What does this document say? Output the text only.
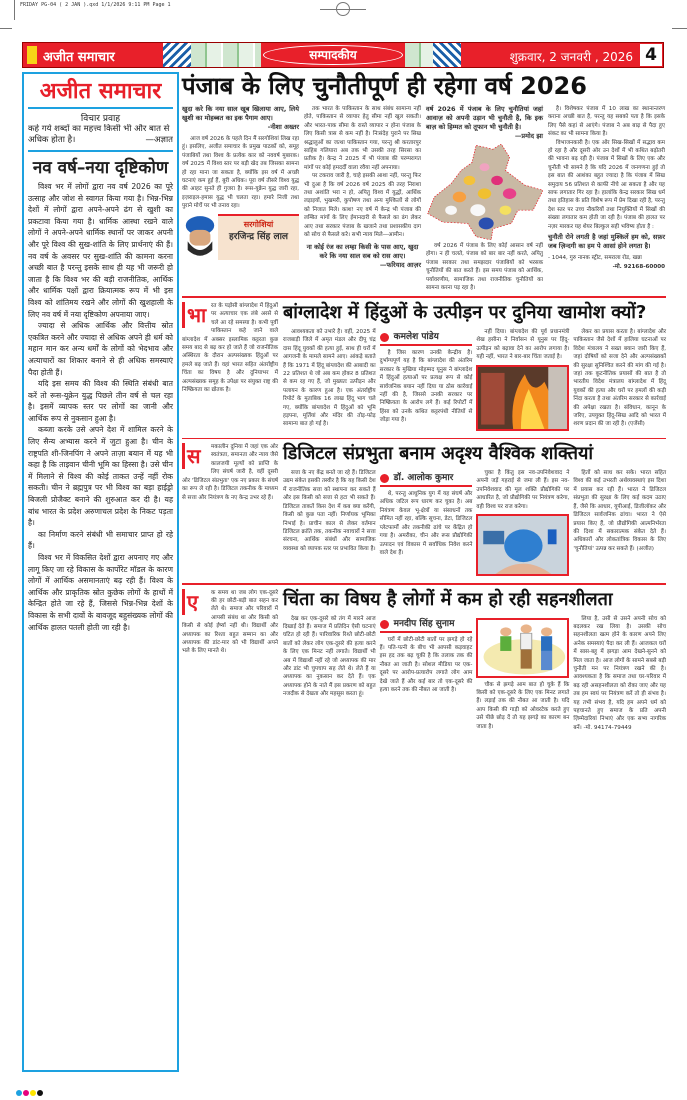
FRIDAY PG-04 ( 2 JAN ).qxd 1/1/2026 9:11 PM Page 1
अजीत समाचार	सम्पादकीय	शुक्रवार, 2 जनवरी , 2026 4
अजीत समाचार
विचार प्रवाह
कहे गये शब्दों का महत्त्व किसी भी और बात से अधिक होता है।	—अज्ञात
नव वर्ष–नया दृष्टिकोण

विश्व भर में लोगों द्वारा नव वर्ष 2026 का पूरे उत्साह और जोश से स्वागत किया गया है। भिन्न-भिन्न देशों में लोगों द्वारा अपने-अपने ढंग से खुशी का प्रकटावा किया गया है। धार्मिक आस्था रखने वाले लोगों ने अपने-अपने धार्मिक स्थानों पर जाकर अपनी और पूरे विश्व की सुख-शांति के लिए प्रार्थनाएं की हैं। नव वर्ष के अवसर पर सुख-शांति की कामना करना अच्छी बात है परन्तु इसके साथ ही यह भी जरूरी हो जाता है कि विश्व भर की बड़ी राजनीतिक, आर्थिक और धार्मिक पक्षों द्वारा क्रियात्मक रूप में भी इस विश्व को शांतिमय रखने और लोगों की खुशहाली के लिए नव वर्ष में नया दृष्टिकोण अपनाया जाए।

ज्यादा से अधिक आर्थिक और वित्तीय स्रोत एकत्रित करने और ज्यादा से अधिक अपने ही धर्म को महान मान कर अन्य धर्मों के लोगों को भेदभाव और अत्याचारों का शिकार बनाने से ही अधिक समस्याएं पैदा होती हैं।

यदि इस समय की विश्व की स्थिति संबंधी बात करें तो रूस-यूक्रेन युद्ध पिछले तीन वर्ष से चल रहा है। इसमें व्यापक स्तर पर लोगों का जानी और आर्थिक रूप से नुकसान हुआ है।

कब्जा करके उसे अपने देश में शामिल करने के लिए सैन्य अभ्यास करने में जुटा हुआ है। चीन के राष्ट्रपति शी-जिनपिंग ने अपने ताज़ा बयान में यह भी कहा है कि ताइवान चीनी भूमि का हिस्सा है। उसे चीन में मिलाने से विश्व की कोई ताकत उन्हें नहीं रोक सकती। चीन ने ब्रह्मपुत्र पर भी विश्व का बड़ा हाईड्रो बिजली प्रोजैक्ट बनाने की शुरुआत कर दी है। यह बांध भारत के प्रदेश अरुणाचल प्रदेश के निकट पड़ता है।

का निर्माण करने संबंधी भी समाचार प्राप्त हो रहे हैं।

विश्व भर में विकसित देशों द्वारा अपनाए गए और लागू किए जा रहे विकास के कार्पोरेट मॉडल के कारण लोगों में आर्थिक असमानताएं बढ़ रही हैं। विश्व के आर्थिक और प्राकृतिक स्रोत कुछेक लोगों के हाथों में केन्द्रित होते जा रहे हैं, जिससे भिन्न-भिन्न देशों के विकास के सभी दावों के बावजूद बहुसंख्यक लोगों की आर्थिक हालत पतली होती जा रही है।

पंजाब के लिए चुनौतीपूर्ण ही रहेगा वर्ष 2026
खुदा करे कि नया साल खूब खिलाया आए, लिये खुशी का मोहब्बत का इक पैगाम आए।
-नीशा अख्तर

आज वर्ष 2026 के पहले दिन मैं सरगोशियां लिख रहा हूं। इसलिए, अजीत समाचार के प्रमुख पाठकों को, समूह पंजाबियों तथा विश्व के प्रत्येक कार को नववर्ष मुबारक। वर्ष 2025 में विश्व स्तर पर बड़ी खेद तब जिसका सामना हो रहा माना जा सकता है, क्योंकि इस वर्ष में अच्छी घटनाएं कम हुई हैं, बुरी अधिक। पूरा वर्ष तीसरे विश्व युद्ध की आहट सुनते ही गुजरा है। रूस-यूक्रेन युद्ध जारी रहा, इज़राइल-हमास युद्ध भी चलता रहा। हमारे निजी तथा पुराने मोर्चे पर भी तनाव रहा।

सरगोशियां
हरजिन्द्र सिंह लाल

तक भारत के पाकिस्तान के साथ संबंध सामान्य नहीं होते, पाकिस्तान से व्यापार हेतु सीमा नहीं खुल सकती। और भारत-पाक सीमा के रास्ते व्यापार न होना पंजाब के लिए किसी त्रास से कम नहीं है। निःसंदेह पुराने पर सिख श्रद्धालुओं का जत्था पाकिस्तान गया, परन्तु श्री करतारपुर साहिब गलियारा अब तक भी उसकी तरह सिरसा का प्रतीक है। केन्द्र ने 2025 में भी पंजाब की परम्परागत मांगों पर कोई हमदर्दी वाला रवैया नहीं अपनाया।

पर टकराव जारी है, चाहे इसकी आशा नहीं, परन्तु फिर भी दुआ है कि वर्ष 2026 वर्ष 2025 की तरह निराशा तथा अशांति भरा न हो, अपितु विश्व में युद्धों, आर्थिक लड़ाइयों, भुखमरी, कुपोषण तथा अन्य मुश्किलों से लोगों को निजात मिले। काश! नए वर्ष में केन्द्र भी पंजाब की लम्बित मांगों के लिए ईमानदारी से फैसले का ढंग लेकर आए तथा सरकार पंजाब के खजाने तथा प्रशासकीय दाग को सोच से फैसले करे। सभी न्याय मिले—आमीन।

ना कोई रंज का लम्हा किसी के पास आए, खुदा करे कि नया साल सब को रास आए।
—फरियाद आज़र
वर्ष 2026 में पंजाब के लिए चुनौतियां जहां आवाज़ को अपनी उड़ान भी चुनौती है, कि इक बाज़ को हिम्मत को तूफान भी चुनौती है।
—प्रमोद झा

वर्ष 2026 में पंजाब के लिए कोई आसान वर्ष नहीं होगा। न ही चलते, पंजाब को बार बार नहीं करते, अपितु पंजाब सरकार तथा समझदार पंजाबियों को भरसक चुनौतियों की बात करते हैं। इस समय पंजाब को आर्थिक, पर्यावरणीय, सामाजिक तथा राजनीतिक चुनौतियों का सामना करना पड़ रहा है।

है। विशेषकर पंजाब में 10 लाख का स्थानान्तरण कराना अच्छी बात है, परन्तु यह सबको पता है कि इसके लिए पैसे कहां से आएंगे। पंजाब ने अब बाढ़ से पैदा हुए संकट का भी सामना किया है।

विभाजनकारी है। एक ओर सिख-सिखों में सद्भाव कम हो रहा है और दूसरी ओर उन देशों में भी कथित बढ़ोतरी की भावना बढ़ रही है। पंजाब में सिखों के लिए एक और चुनौती भी सामने है कि यदि 2026 में जनगणना हुई तो इस बात की आशंका बहुत ज्यादा है कि पंजाब में सिख समुदाय 56 प्रतिशत से काफी नीचे आ सकता है और यह साफ लगातार गिर रहा है। हालांकि केन्द्र सरकार सिख धर्म तथा इतिहास के प्रति विशेष रूप में प्रेम दिखा रही है, परन्तु देश स्तर पर उच्च नौकरियों तथा नियुक्तियों में सिखों की संख्या लगातार कम होती जा रही है। पंजाब की हालत पर नज़र मारकर यह शेयर बिल्कुल सही भविष्य होता है :

चुनौती रोने लगती है जहां मुश्किलें हम को, सफ़र जब ज़िन्दगी का हम पे आसां होने लगता है।
- 1044, गुरु नानक स्ट्रीट, समराला रोड, खन्ना
-मो. 92168-60000
भा रत के पड़ोसी बांग्लादेश में हिंदुओं पर अत्याचार एक लंबे अरसे से चले आ रहे समस्या है। कभी पूर्वी पाकिस्तान कहे जाने वाले बांग्लादेश में अक्सर इस्लामिक कट्टरता कुछ समय बाद से बढ़ कर हो जाते हैं जो राजनीतिक अस्थिरता के दौरान अल्पसंख्यक हिंदुओं पर हमले बढ़ जाते हैं। वहां भारत सहित अंतर्राष्ट्रीय चिंता का विषय है और दुनियाभर में अल्पसंख्यक समूह के उपेक्षा पर संयुक्त राष्ट्र की निष्क्रियता का द्योतक है।

बांग्लादेश में हिंदुओं के उत्पीड़न पर दुनिया खामोश क्यों?

आवश्यकता को उभारे है। वहीं, 2025 में राजबाड़ी जिले में अमृत मंडल और दीपू चंद्र दास हिंदू युवकों की हत्या हुई, साथ ही घरों में आगजनी के मामले सामने आए। आंकड़े बताते हैं कि 1971 में हिंदू बांग्लादेश की आबादी का 22 प्रतिशत थे जो अब कम होकर 8 प्रतिशत से कम रह गए हैं, जो मुख्यतः उत्पीड़न और पलायन के कारण हुआ है। एक अंतर्राष्ट्रीय रिपोर्ट के मुताबिक 16 लाख हिंदू भाग चले गए, क्योंकि बांग्लादेश में हिंदुओं को भूमि हड़पना, मूर्तियां और मंदिर की तोड़-फोड़ सामान्य बात हो गई है।

कमलेश पांडेय

है जिस कारण उनकी केन्द्रीय है। दुर्भाग्यपूर्ण यह है कि बांग्लादेश की अंतरिम सरकार के मुखिया मोहम्मद यूनुस ने बांग्लादेश में हिंदुओं हत्याओं पर प्रत्यक्ष रूप से कोई सार्वजनिक बयान नहीं दिया या ठोस कार्रवाई नहीं की है, जिससे उनकी सरकार पर निष्क्रियता के आरोप लगे हैं। कई रिपोर्टों में हिंसा को उनके कथित कट्टरपंथी नीतियों से जोड़ा गया है।

नहीं दिया। बांग्लादेश की पूर्व प्रधानमंत्री शेख हसीना ने निर्वासन से यूनुस पर हिंदू-उत्पीड़न को बढ़ावा देने का आरोप लगाया है। यही नहीं, भारत ने बार-बार चिंता जताई है।

लेकर का प्रयास करता है। बांग्लादेश और पाकिस्तान जैसे देशों में हालिया घटनाओं पर विदेश मंत्रालय ने सख्त बयान जारी किए हैं, जहां दोषियों को सजा देने और अल्पसंख्यकों की सुरक्षा सुनिश्चित करने की मांग की गई है। जहां तक कूटनीतिक प्रयासों की बात है तो भारतीय विदेश मंत्रालय बांग्लादेश में हिंदू युवकों की हत्या और घरों पर हमलों की कड़ी निंदा करता है तथा अंतरिम सरकार से कार्रवाई की अपेक्षा रखता है। संविधान, कानून के जरिए, उपयुक्त हिंदू-सिख आदि को भारत में शरण प्रदान की जा रही है। (एजेंसी)

स	मकालीन दुनिया में जहां एक ओर स्वतंत्रता, समानता और न्याय जैसे कालजयी मूल्यों को प्राप्ति के लिए संघर्ष जारी है, वहीं दूसरी ओर 'डिजिटल संप्रभुता' एक नए प्रकार के संघर्ष का रूप ले रही है। डिजिटल तकनीक के माध्यम से सत्ता और नियंत्रण के नए केन्द्र उभर रहे हैं।

डिजिटल संप्रभुता बनाम अदृश्य वैश्विक शक्तियां

सत्ता के नए केंद्र बनते जा रहे हैं। डिजिटल उद्यम संकेत इसकी तस्वीर है कि यह किसी देश में राजनीतिक सत्ता को स्थापना कर सकते हैं और इस किसी को सत्ता से हटा भी सकते हैं। डिजिटल ताकतें किस देश में कब क्या करेंगी, किसी को कुछ पता नहीं। निर्णायक भूमिका निभाई है। प्राचीन काल से लेकर वर्तमान डिजिटल क्रांति तक, तकनीक नवाचारों ने सत्ता संरचना, आर्थिक संबंधों और सामाजिक व्यवस्था को व्यापक स्तर पर प्रभावित किया है।

डॉ. आलोक कुमार

थे, परन्तु आधुनिक युग में यह संघर्ष और अधिक जटिल रूप धारण कर चुका है। अब नियंत्रण केवल भू-क्षेत्रों या संसाधनों तक सीमित नहीं रहा, बल्कि सूचना, डेटा, डिजिटल प्लेटफार्मों और तकनीकी ढांचे पर केंद्रित हो गया है। अमरीका, चीन और रूस प्रौद्योगिकी उत्पादन एवं विकास में सर्वाधिक निवेश करने वाले देश हैं।

चुका है किंतु इस नव-उपनिवेशवाद ने अपनी जड़ें गहराई से जमा ली हैं। इस नव-उपनिवेशवाद की मूल शक्ति प्रौद्योगिकी पर आधारित है, जो प्रौद्योगिकी पर नियंत्रण करेगा, वही विश्व पर राज करेगा।

हितों को साध कर सके। भारत सहित विश्व की कई उभरती अर्थव्यवस्थाएं इस दिशा में प्रयास कर रही हैं। भारत ने डिजिटल संप्रभुता की सुरक्षा के लिए कई कदम उठाए हैं, जैसे कि आधार, यूपीआई, डिजीलॉकर और डिजिटल सार्वजनिक ढांचा। भारत ने ऐसे प्रयास किए हैं, जो प्रौद्योगिकी आत्मनिर्भरता की दिशा में सकारात्मक संकेत देते हैं। अधिकारों और लोकतांत्रिक विकास के लिए 'चुनौतियां' उत्पन्न कर सकते हैं। (अजीत)

ए	क समय था जब लोग एक-दूसरे की हर छोटी-बड़ी बात सहन कर लेते थे। समाज और परिवारों में आपसी संबंध था और किसी को किसी से कोई ईर्ष्या नहीं थी। विद्यार्थी और अध्यापक का रिश्ता बहुत सम्मान का और अध्यापक की डांट-मार को भी विद्यार्थी अपने भले के लिए मानते थे।

चिंता का विषय है लोगों में कम हो रही सहनशीलता

देख कर एक-दूसरे को तंग में मारने आज दिखाई देते हैं। समाज में प्रतिदिन ऐसी घटनाएं घटित हो रही हैं। पारिवारिक रिश्ते छोटी-छोटी बातों को लेकर लोग एक-दूसरे की हत्या करने के लिए एक मिनट नहीं लगाते। विद्यार्थी भी अब में विद्यार्थी नहीं रहे जो अध्यापक की मार और डांट भी चुपचाप सह लेते थे। लेते हैं या अध्यापक का नुकसान कर देते हैं। एक अध्यापक होने के नाते मैं इस प्रकरण को बहुत नजदीक से देखता और महसूस करता हूं।

मनदीप सिंह सुनाम

घरों में छोटी-छोटी बातों पर झगड़े हो रहे हैं। पति-पत्नी के बीच भी आपसी कड़वाहट इस हद तक बढ़ चुकी है कि तलाक तक की नौबत आ जाती है। सोशल मीडिया पर एक-दूसरे पर आरोप-प्रत्यारोप लगाते लोग आम देखे जाते हैं और कई बार तो एक-दूसरे की हत्या करने तक की नौबत आ जाती है।

चौक से झगड़े आम बात हो चुके हैं कि किसी को एक-दूसरे के लिए एक मिनट लगाते हैं। लड़ाई तक की नौबत आ जाती है। यदि आप किसी की गाड़ी को ओवरटेक करते हुए उसे पीछे छोड़ दें तो यह झगड़े का कारण बन जाता है।

लिया है, उसी से उसने अपनी सोच को बदलकर रख लिया है। उसकी सोच सहनशीलता खत्म होने के कारण अपने लिए अनेक समस्याएं पैदा कर ली हैं। आजकल घरों में सास-बहू में झगड़ा आम देखने-सुनने को मिल जाता है। आज लोगों के सामने सबसे बड़ी चुनौती मन पर नियंत्रण रखने की है। आवश्यकता है कि समाज तथा घर-परिवार में बढ़ रही असहनशीलता को रोका जाए और यह तब हम स्वयं पर नियंत्रण करें तो ही संभव है। यह तभी संभव है, यदि हम अपने धर्म को पहचानते हुए समाज के प्रति अपनी ज़िम्मेदारियां निभाएं और एक सभ्य नागरिक बनें। -मो. 94174-79449
